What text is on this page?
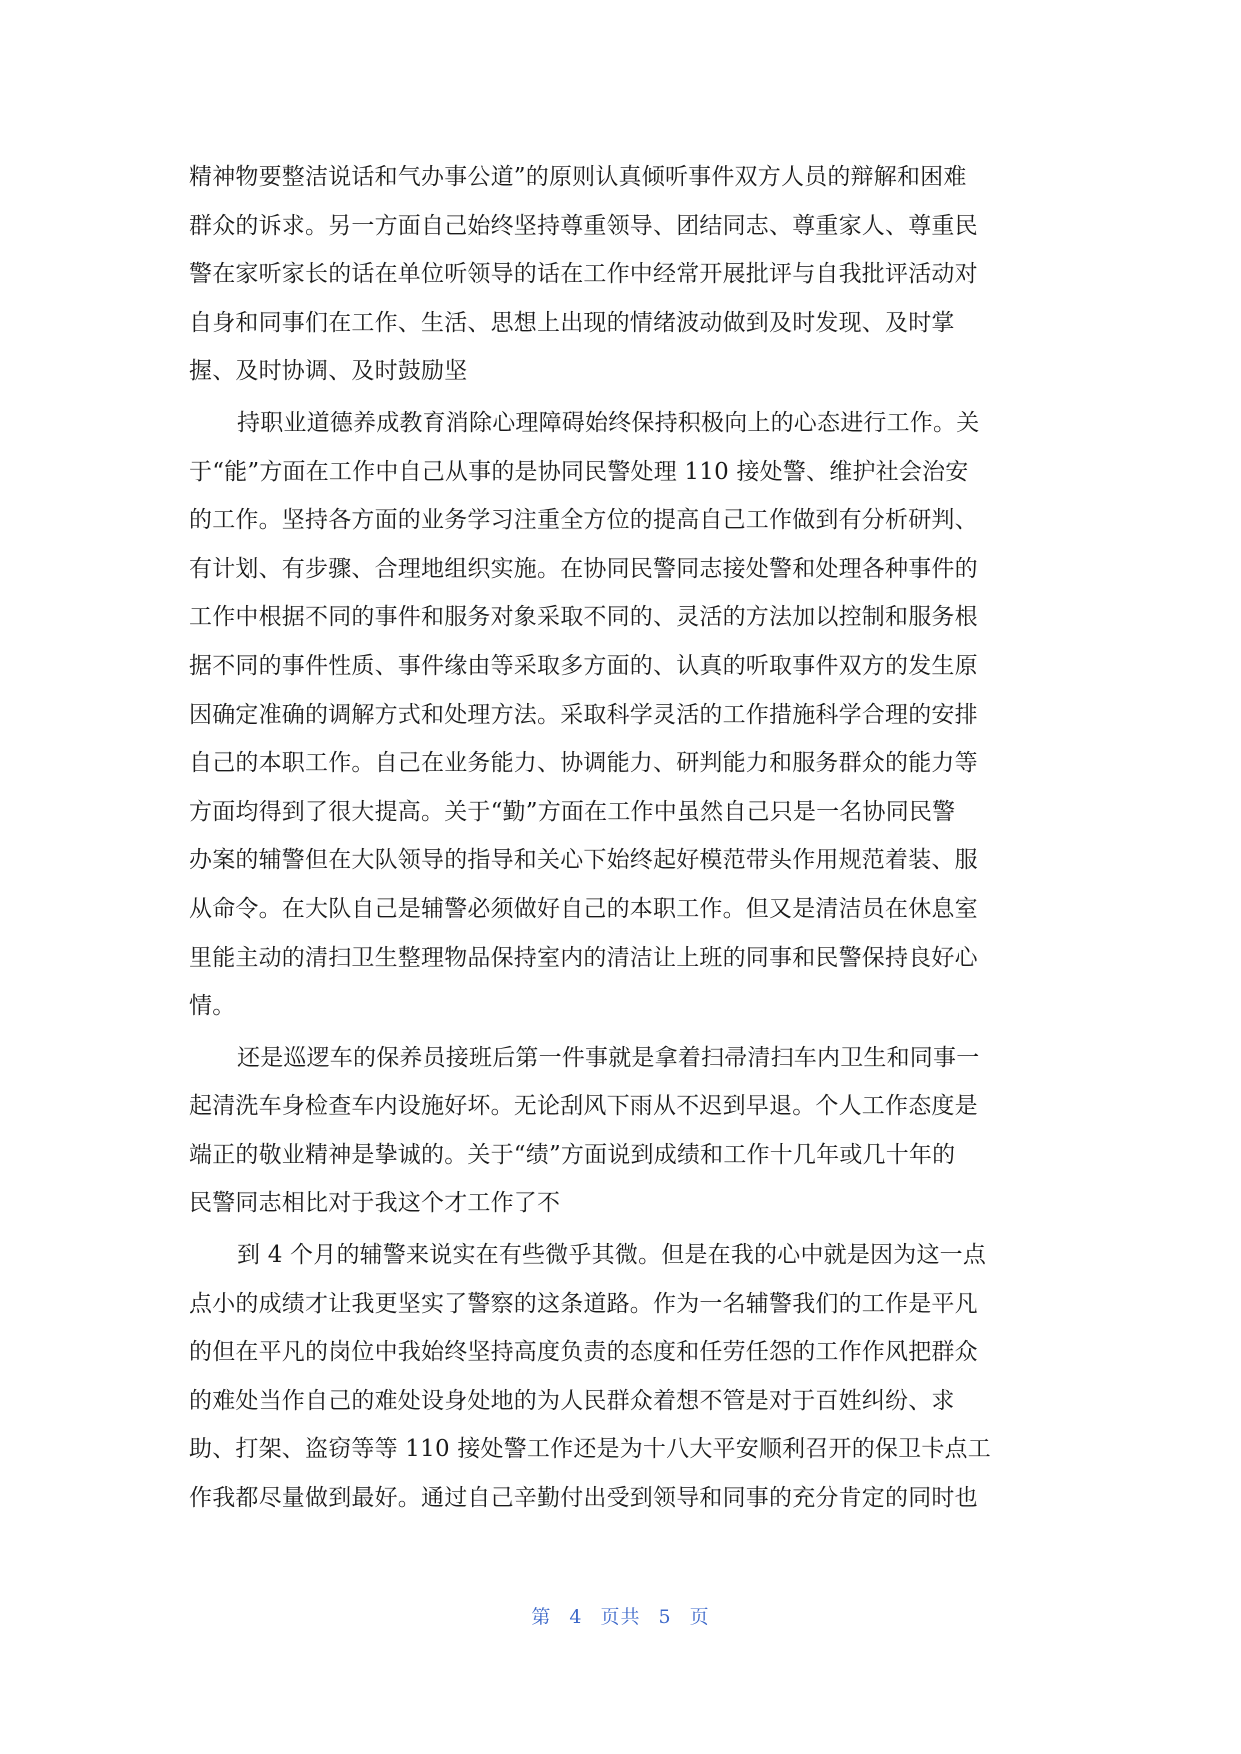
精神物要整洁说话和气办事公道”的原则认真倾听事件双方人员的辩解和困难
群众的诉求。另一方面自己始终坚持尊重领导、团结同志、尊重家人、尊重民
警在家听家长的话在单位听领导的话在工作中经常开展批评与自我批评活动对
自身和同事们在工作、生活、思想上出现的情绪波动做到及时发现、及时掌
握、及时协调、及时鼓励坚
持职业道德养成教育消除心理障碍始终保持积极向上的心态进行工作。关
于“能”方面在工作中自己从事的是协同民警处理 110 接处警、维护社会治安
的工作。坚持各方面的业务学习注重全方位的提高自己工作做到有分析研判、
有计划、有步骤、合理地组织实施。在协同民警同志接处警和处理各种事件的
工作中根据不同的事件和服务对象采取不同的、灵活的方法加以控制和服务根
据不同的事件性质、事件缘由等采取多方面的、认真的听取事件双方的发生原
因确定准确的调解方式和处理方法。采取科学灵活的工作措施科学合理的安排
自己的本职工作。自己在业务能力、协调能力、研判能力和服务群众的能力等
方面均得到了很大提高。关于“勤”方面在工作中虽然自己只是一名协同民警
办案的辅警但在大队领导的指导和关心下始终起好模范带头作用规范着装、服
从命令。在大队自己是辅警必须做好自己的本职工作。但又是清洁员在休息室
里能主动的清扫卫生整理物品保持室内的清洁让上班的同事和民警保持良好心
情。
还是巡逻车的保养员接班后第一件事就是拿着扫帚清扫车内卫生和同事一
起清洗车身检查车内设施好坏。无论刮风下雨从不迟到早退。个人工作态度是
端正的敬业精神是挚诚的。关于“绩”方面说到成绩和工作十几年或几十年的
民警同志相比对于我这个才工作了不
到 4 个月的辅警来说实在有些微乎其微。但是在我的心中就是因为这一点
点小的成绩才让我更坚实了警察的这条道路。作为一名辅警我们的工作是平凡
的但在平凡的岗位中我始终坚持高度负责的态度和任劳任怨的工作作风把群众
的难处当作自己的难处设身处地的为人民群众着想不管是对于百姓纠纷、求
助、打架、盗窃等等 110 接处警工作还是为十八大平安顺利召开的保卫卡点工
作我都尽量做到最好。通过自己辛勤付出受到领导和同事的充分肯定的同时也
第 4 页共 5 页
